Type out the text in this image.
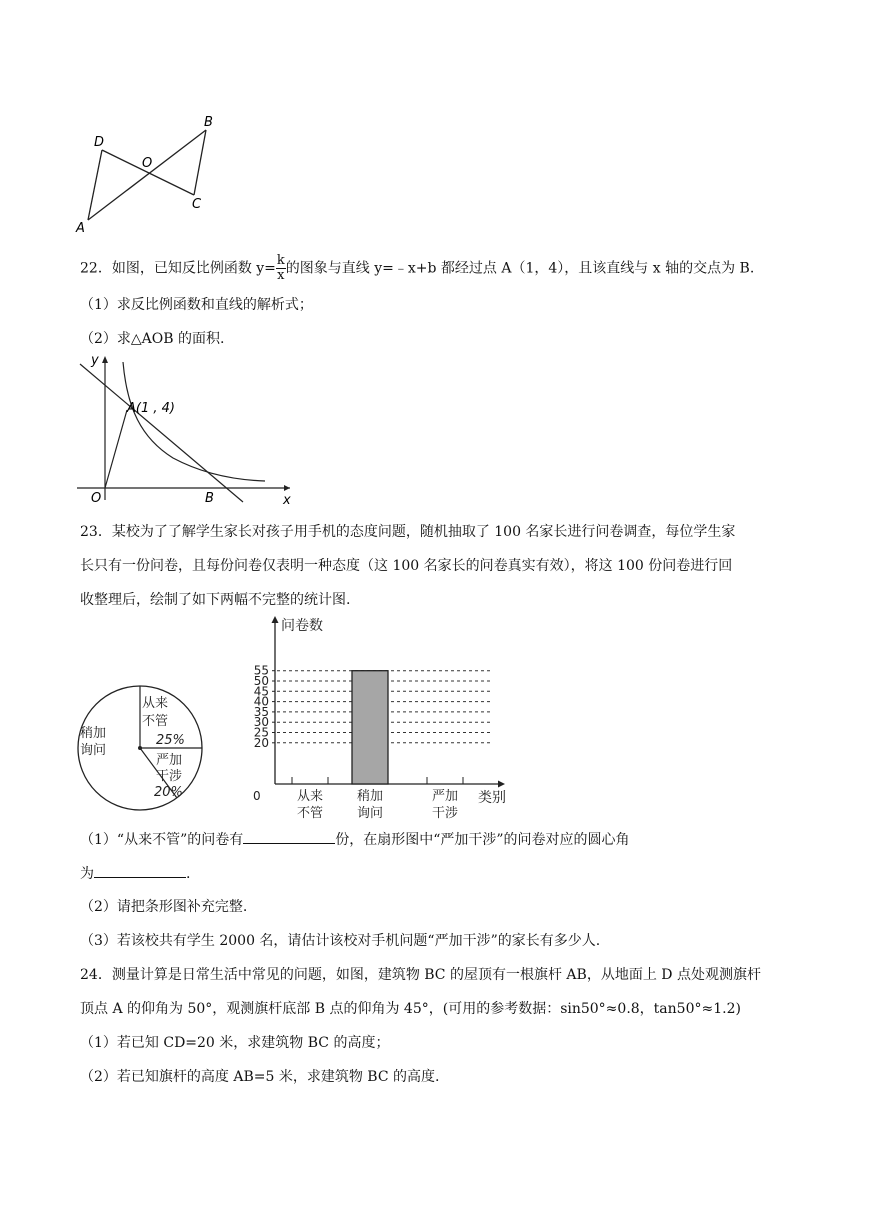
D
B
O
C
A
22．如图，已知反比例函数 $y= \frac{k}{x}$ 的图象与直线 y=﹣x+b 都经过点 A（1，4），且该直线与 x 轴的交点为 B.
（1）求反比例函数和直线的解析式；
（2）求△AOB 的面积.
y
x
O
A(1 , 4)
B
23．某校为了了解学生家长对孩子用手机的态度问题，随机抽取了 100 名家长进行问卷调查，每位学生家
长只有一份问卷，且每份问卷仅表明一种态度（这 100 名家长的问卷真实有效），将这 100 份问卷进行回
收整理后，绘制了如下两幅不完整的统计图.
从来
不管
25%
稍加
询问
严加
干涉
20%
问卷数
类别
0
20
25
30
35
40
45
50
55
从来
不管
稍加
询问
严加
干涉
（1）“从来不管”的问卷有	份，在扇形图中“严加干涉”的问卷对应的圆心角
为	.
（2）请把条形图补充完整.
（3）若该校共有学生 2000 名，请估计该校对手机问题“严加干涉”的家长有多少人.
24．测量计算是日常生活中常见的问题，如图，建筑物 BC 的屋顶有一根旗杆 AB，从地面上 D 点处观测旗杆
顶点 A 的仰角为 50°，观测旗杆底部 B 点的仰角为 45°，(可用的参考数据：sin50°≈0.8，tan50°≈1.2)
（1）若已知 CD=20 米，求建筑物 BC 的高度；
（2）若已知旗杆的高度 AB=5 米，求建筑物 BC 的高度.
